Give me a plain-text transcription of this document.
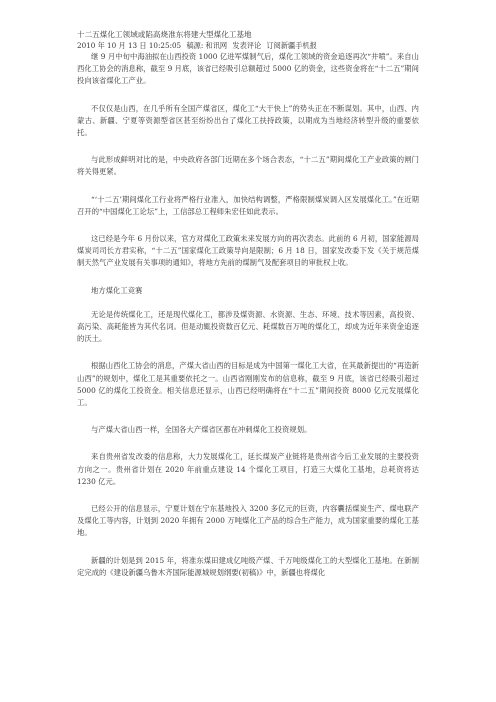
十二五煤化工领域或陷高烧准东将建大型煤化工基地

2010 年 10 月 13 日 10:25:05 稿源: 和讯网 发表评论 订阅新疆手机报

继 9 月中旬中海油拟在山西投资 1000 亿进军煤制气后，煤化工领域的资金追逐再次“井喷”。来自山西化工协会的消息称，截至 9 月底，该省已经吸引总额超过 5000 亿的资金，这些资金将在“十二五”期间投向该省煤化工产业。

不仅仅是山西，在几乎所有全国产煤省区，煤化工“大干快上”的势头正在不断谋划。其中，山西、内蒙古、新疆、宁夏等资源型省区甚至纷纷出台了煤化工扶持政策，以期成为当地经济转型升级的重要依托。

与此形成鲜明对比的是，中央政府各部门近期在多个场合表态，“十二五”期间煤化工产业政策的闸门将关得更紧。

“‘十二五’期间煤化工行业将严格行业准入，加快结构调整，严格限制煤炭调入区发展煤化工。”在近期召开的“中国煤化工论坛”上，工信部总工程师朱宏任如此表示。

这已经是今年 6 月份以来，官方对煤化工政策未来发展方向的再次表态。此前的 6 月初，国家能源局煤炭司司长方君实称，“十二五”国家煤化工政策导向是限制；6 月 18 日，国家发改委下发《关于规范煤制天然气产业发展有关事项的通知》，将地方先前的煤制气及配套项目的审批权上收。

地方煤化工竞赛

无论是传统煤化工，还是现代煤化工，都涉及煤资源、水资源、生态、环境、技术等因素，高投资、高污染、高耗能皆为其代名词。但是动辄投资数百亿元、耗煤数百万吨的煤化工，却成为近年来资金追逐的沃土。

根据山西化工协会的消息，产煤大省山西的目标是成为中国第一煤化工大省，在其最新提出的“再造新山西”的规划中，煤化工是其重要依托之一。山西省刚刚发布的信息称，截至 9 月底，该省已经吸引超过 5000 亿的煤化工投资金。相关信息还显示，山西已经明确将在“十二五”期间投资 8000 亿元发展煤化工。

与产煤大省山西一样，全国各大产煤省区都在冲刺煤化工投资规划。

来自贵州省发改委的信息称，大力发展煤化工，延长煤炭产业链将是贵州省今后工业发展的主要投资方向之一。贵州省计划在 2020 年前重点建设 14 个煤化工项目，打造三大煤化工基地，总耗资将达 1230 亿元。

已经公开的信息显示，宁夏计划在宁东基地投入 3200 多亿元的巨资，内容囊括煤炭生产、煤电联产及煤化工等内容，计划到 2020 年拥有 2000 万吨煤化工产品的综合生产能力，成为国家重要的煤化工基地。

新疆的计划是到 2015 年，将准东煤田建成亿吨级产煤、千万吨级煤化工的大型煤化工基地。在新制定完成的《建设新疆乌鲁木齐国际能源城规划纲要(初稿)》中，新疆也将煤化
